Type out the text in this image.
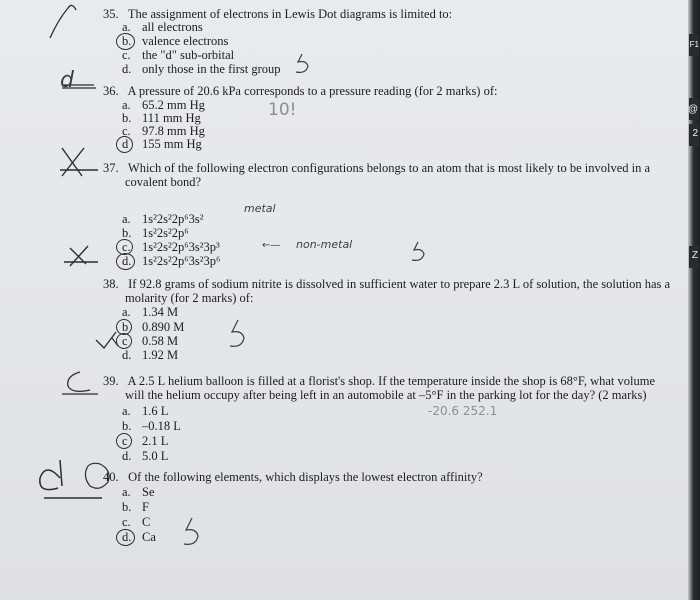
35. The assignment of electrons in Lewis Dot diagrams is limited to:
a. all electrons
b. valence electrons
c. the "d" sub-orbital
d. only those in the first group
36. A pressure of 20.6 kPa corresponds to a pressure reading (for 2 marks) of:
d
a. 65.2 mm Hg
b. 111 mm Hg
c. 97.8 mm Hg
d 155 mm Hg
10!
37. Which of the following electron configurations belongs to an atom that is most likely to be involved in a
covalent bond?
a. 1s²2s²2p⁶3s²
metal
b. 1s²2s²2p⁶
c. 1s²2s²2p⁶3s²3p³	←— non-metal
d. 1s²2s²2p⁶3s²3p⁶
38. If 92.8 grams of sodium nitrite is dissolved in sufficient water to prepare 2.3 L of solution, the solution has a
molarity (for 2 marks) of:
a. 1.34 M
b 0.890 M
c 0.58 M
d. 1.92 M
39. A 2.5 L helium balloon is filled at a florist's shop. If the temperature inside the shop is 68°F, what volume
will the helium occupy after being left in an automobile at –5°F in the parking lot for the day? (2 marks)
a. 1.6 L
b. –0.18 L
c 2.1 L
d. 5.0 L
-20.6 252.1
40. Of the following elements, which displays the lowest electron affinity?
a. Se
b. F
c. C
d. Ca
F1
@
2
Z
